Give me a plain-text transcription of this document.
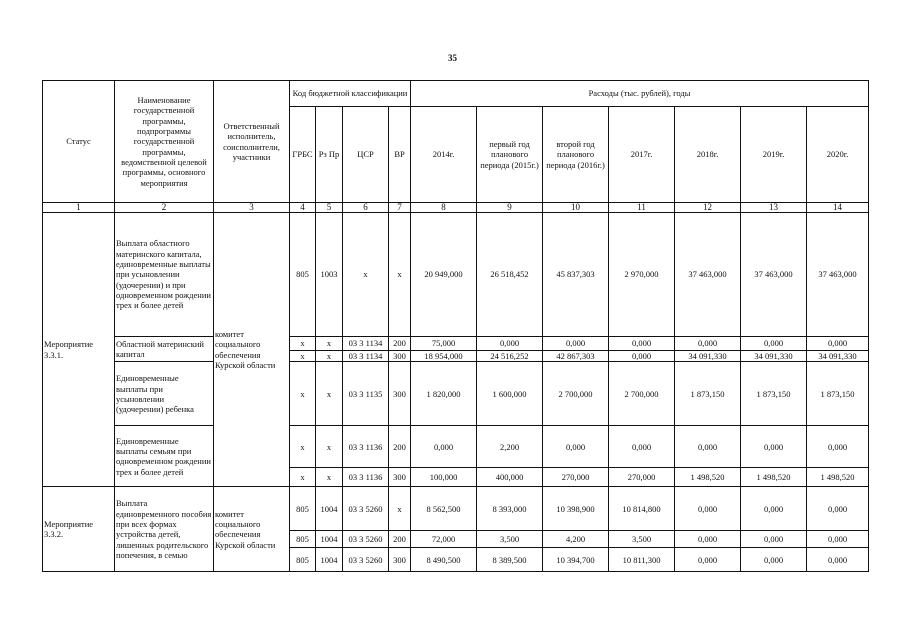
35
Статус	Наименование государственной программы, подпрограммы государственной программы, ведомственной целевой программы, основного мероприятия	Ответственный исполнитель, соисполнители, участники	Код бюджетной классификации				Расходы (тыс. рублей), годы						
			ГРБС	Рз Пр	ЦСР	ВР	2014г.	первый год планового периода (2015г.)	второй год планового периода (2016г.)	2017г.	2018г.	2019г.	2020г.
1	2	3	4	5	6	7	8	9	10	11	12	13	14
Мероприятие 3.3.1.	Выплата областного материнского капитала, единовременные выплаты при усыновлении (удочерении) и при одновременном рождении трех и более детей	комитет социального обеспечения Курской области	805	1003	х	х	20 949,000	26 518,452	45 837,303	2 970,000	37 463,000	37 463,000	37 463,000
	Областной материнский капитал		х	х	03 3 1134	200	75,000	0,000	0,000	0,000	0,000	0,000	0,000
			х	х	03 3 1134	300	18 954,000	24 516,252	42 867,303	0,000	34 091,330	34 091,330	34 091,330
	Единовременные выплаты при усыновлении (удочерении) ребенка		х	х	03 3 1135	300	1 820,000	1 600,000	2 700,000	2 700,000	1 873,150	1 873,150	1 873,150
	Единовременные выплаты семьям при одновременном рождении трех и более детей		х	х	03 3 1136	200	0,000	2,200	0,000	0,000	0,000	0,000	0,000
			х	х	03 3 1136	300	100,000	400,000	270,000	270,000	1 498,520	1 498,520	1 498,520
Мероприятие 3.3.2.	Выплата единовременного пособия при всех формах устройства детей, лишенных родительского попечения, в семью	комитет социального обеспечения Курской области	805	1004	03 3 5260	х	8 562,500	8 393,000	10 398,900	10 814,800	0,000	0,000	0,000
			805	1004	03 3 5260	200	72,000	3,500	4,200	3,500	0,000	0,000	0,000
			805	1004	03 3 5260	300	8 490,500	8 389,500	10 394,700	10 811,300	0,000	0,000	0,000
